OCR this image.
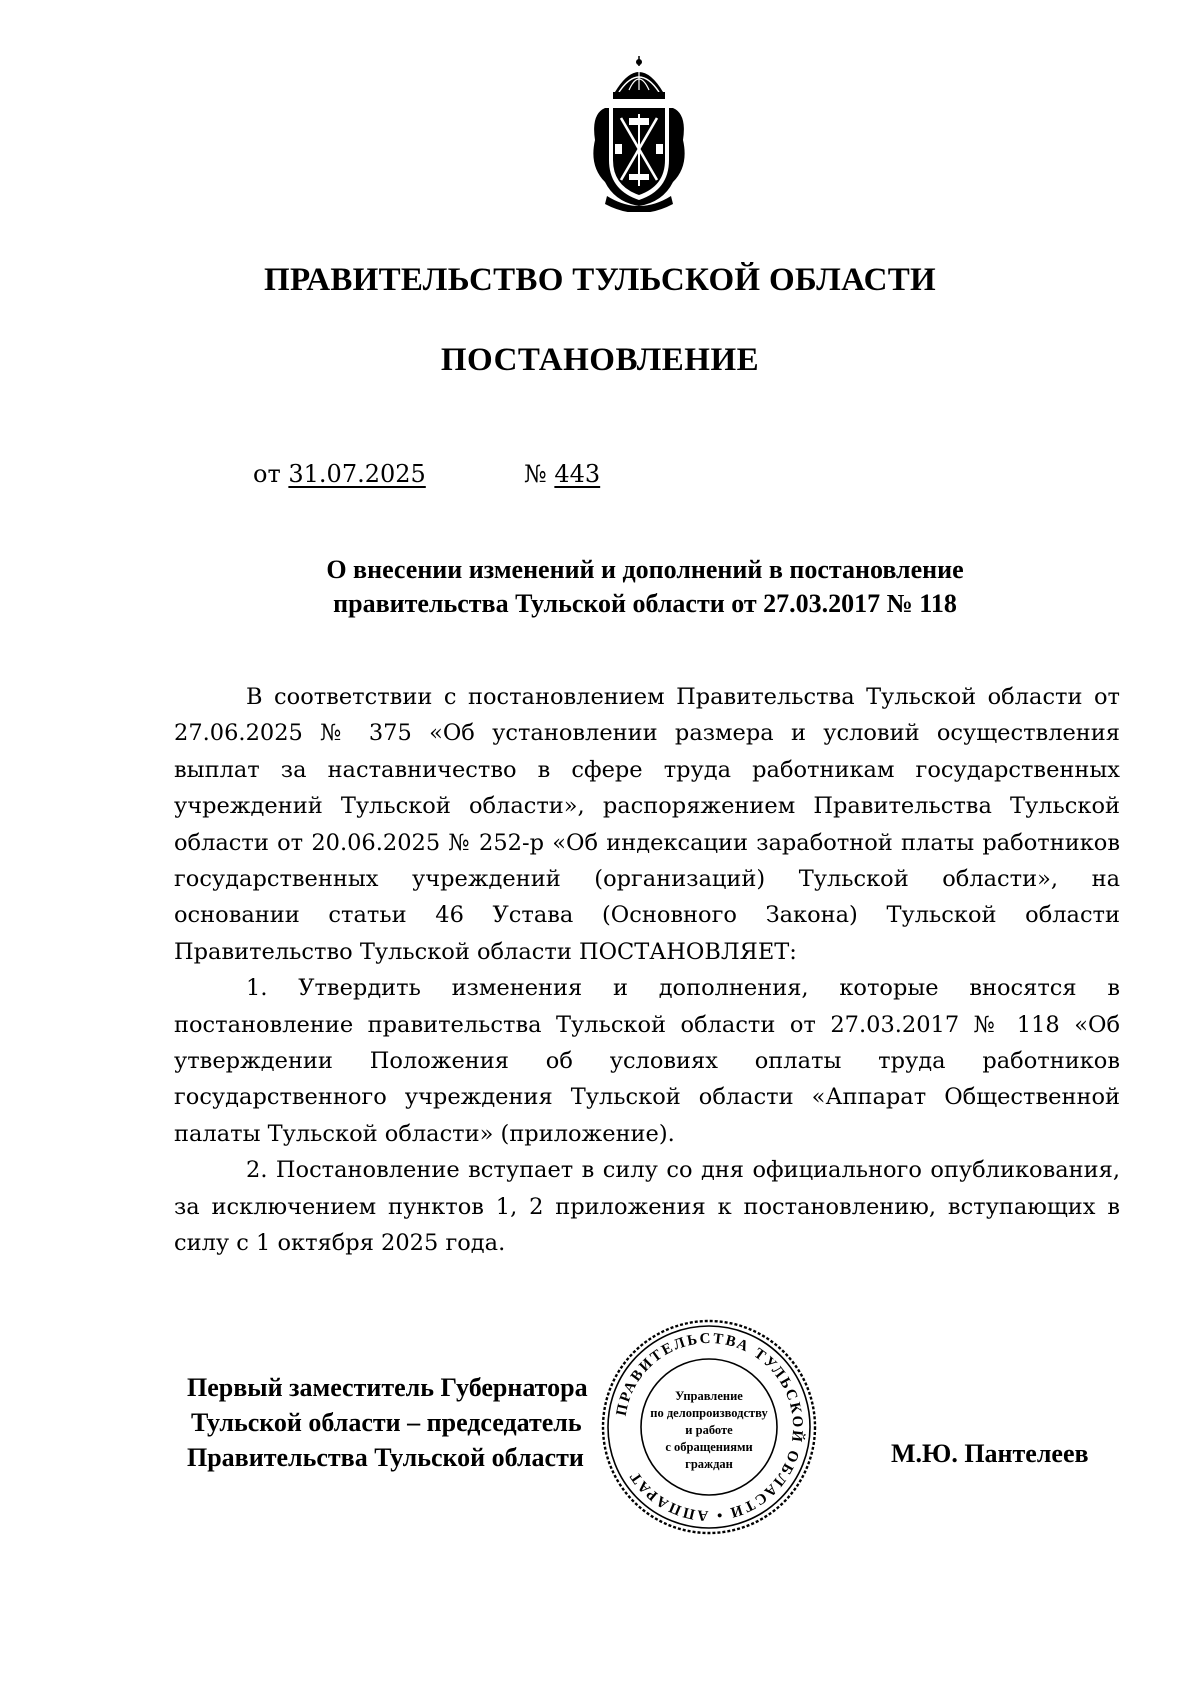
ПРАВИТЕЛЬСТВО ТУЛЬСКОЙ ОБЛАСТИ
ПОСТАНОВЛЕНИЕ
от 31.07.2025	№ 443
О внесении изменений и дополнений в постановление
правительства Тульской области от 27.03.2017 № 118

В соответствии с постановлением Правительства Тульской области от 27.06.2025 № 375 «Об установлении размера и условий осуществления выплат за наставничество в сфере труда работникам государственных учреждений Тульской области», распоряжением Правительства Тульской области от 20.06.2025 № 252-р «Об индексации заработной платы работников государственных учреждений (организаций) Тульской области», на основании статьи 46 Устава (Основного Закона) Тульской области Правительство Тульской области ПОСТАНОВЛЯЕТ:

1. Утвердить изменения и дополнения, которые вносятся в постановление правительства Тульской области от 27.03.2017 № 118 «Об утверждении Положения об условиях оплаты труда работников государственного учреждения Тульской области «Аппарат Общественной палаты Тульской области» (приложение).

2. Постановление вступает в силу со дня официального опубликования, за исключением пунктов 1, 2 приложения к постановлению, вступающих в силу с 1 октября 2025 года.

Первый заместитель Губернатора
Тульской области – председатель
Правительства Тульской области	М.Ю. Пантелеев
ПРАВИТЕЛЬСТВА ТУЛЬСКОЙ ОБЛАСТИ • АППАРАТ
Управление
по делопроизводству
и работе
с обращениями
граждан
